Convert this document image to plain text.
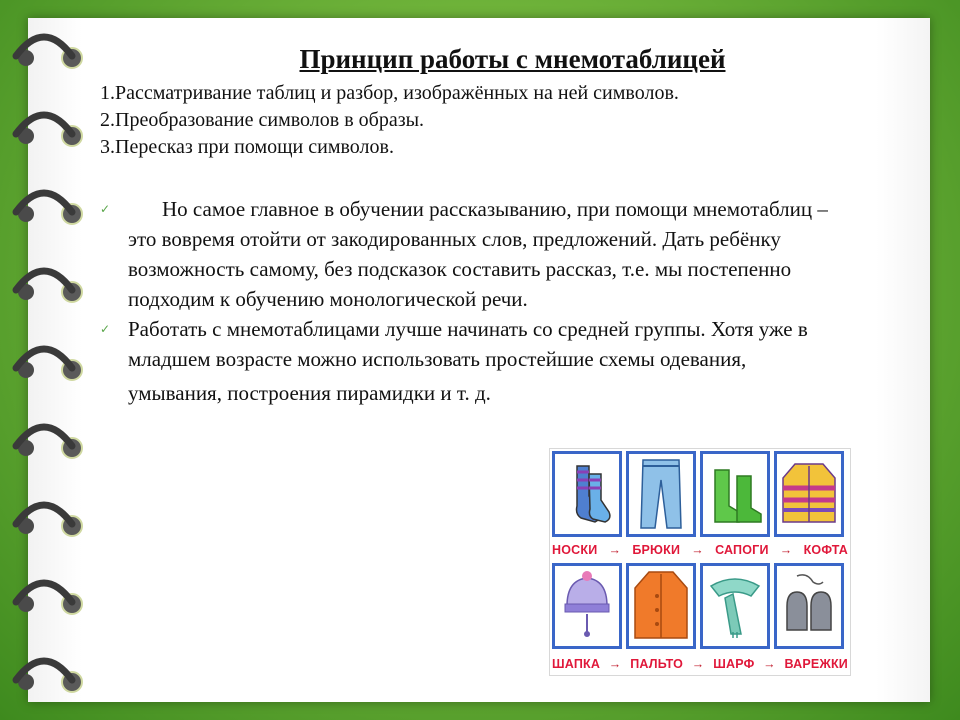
Принцип работы с мнемотаблицей
1.Рассматривание таблиц и разбор, изображённых на ней символов.
2.Преобразование символов в образы.
3.Пересказ при помощи символов.
✓ Но самое главное в обучении рассказыванию, при помощи мнемотаблиц –
это вовремя отойти от закодированных слов, предложений. Дать ребёнку
возможность самому, без подсказок составить рассказ, т.е. мы постепенно
подходим к обучению монологической речи.
✓ Работать с мнемотаблицами лучше начинать со средней группы. Хотя уже в
младшем возрасте можно использовать простейшие схемы одевания,
умывания, построения пирамидки и т. д.
НОСКИ → БРЮКИ → САПОГИ → КОФТА
ШАПКА → ПАЛЬТО → ШАРФ → ВАРЕЖКИ
